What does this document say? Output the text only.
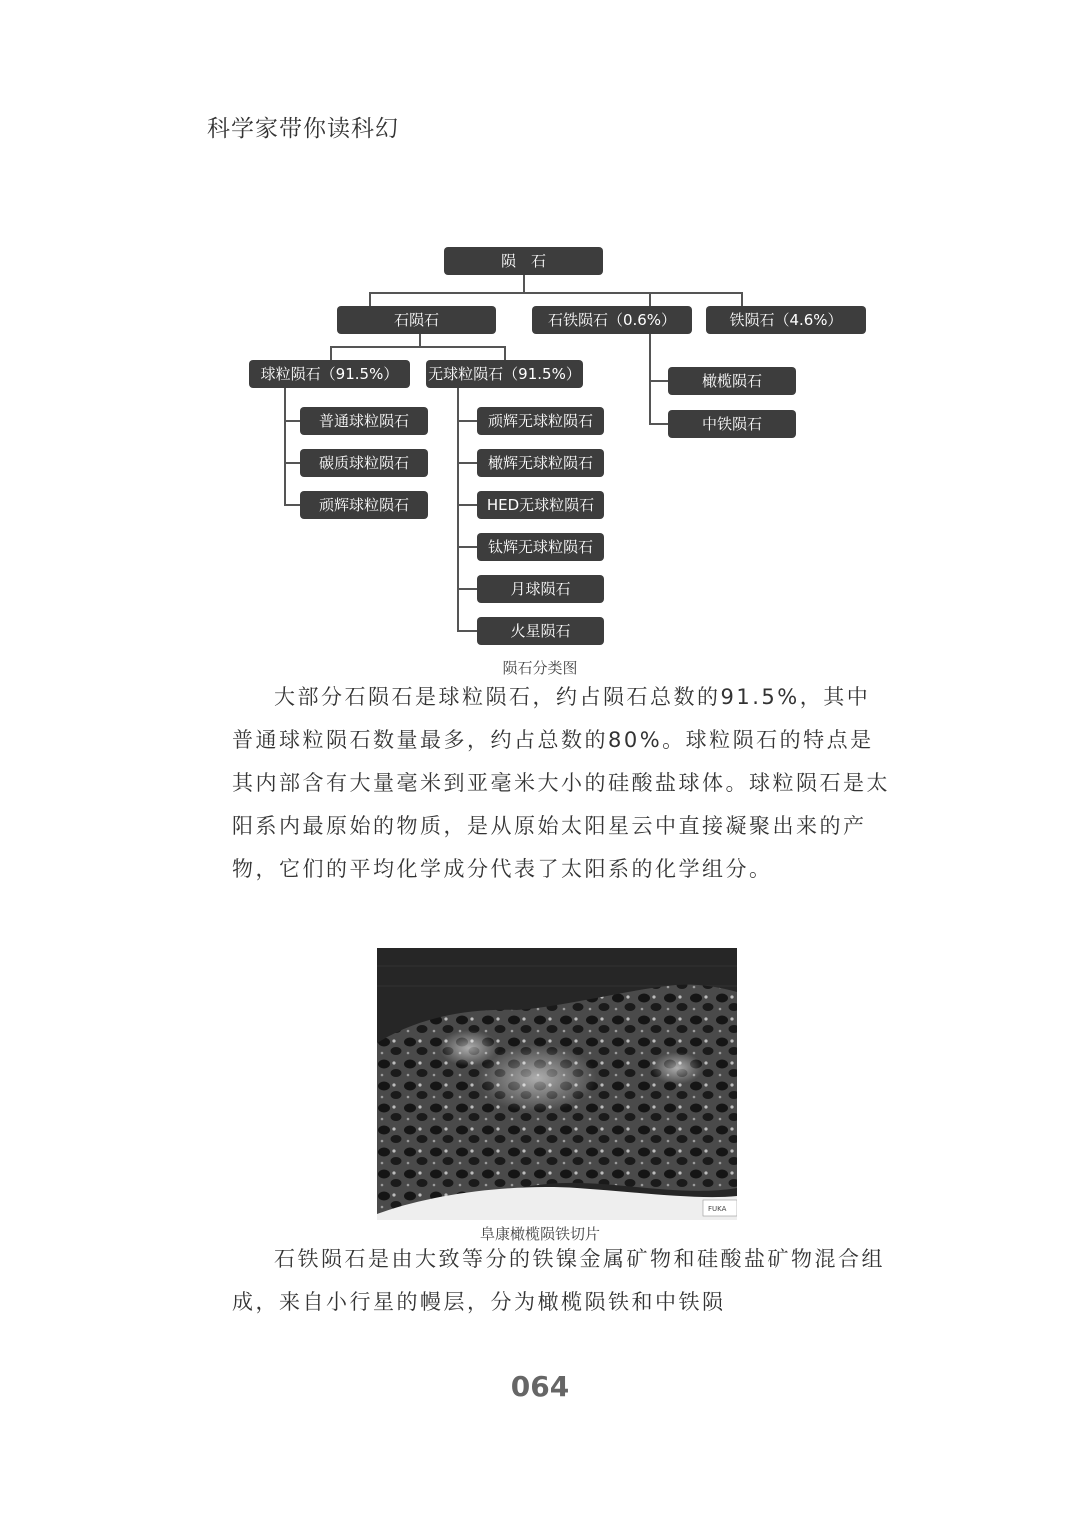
科学家带你读科幻
陨　石
石陨石	石铁陨石（0.6%）	铁陨石（4.6%）
球粒陨石（91.5%）	无球粒陨石（91.5%）
普通球粒陨石
碳质球粒陨石
顽辉球粒陨石
顽辉无球粒陨石
橄辉无球粒陨石
HED无球粒陨石
钛辉无球粒陨石
月球陨石
火星陨石
橄榄陨石
中铁陨石
陨石分类图

大部分石陨石是球粒陨石，约占陨石总数的91.5%，其中普通球粒陨石数量最多，约占总数的80%。球粒陨石的特点是其内部含有大量毫米到亚毫米大小的硅酸盐球体。球粒陨石是太阳系内最原始的物质，是从原始太阳星云中直接凝聚出来的产物，它们的平均化学成分代表了太阳系的化学组分。

FUKA
阜康橄榄陨铁切片

石铁陨石是由大致等分的铁镍金属矿物和硅酸盐矿物混合组成，来自小行星的幔层，分为橄榄陨铁和中铁陨

064
